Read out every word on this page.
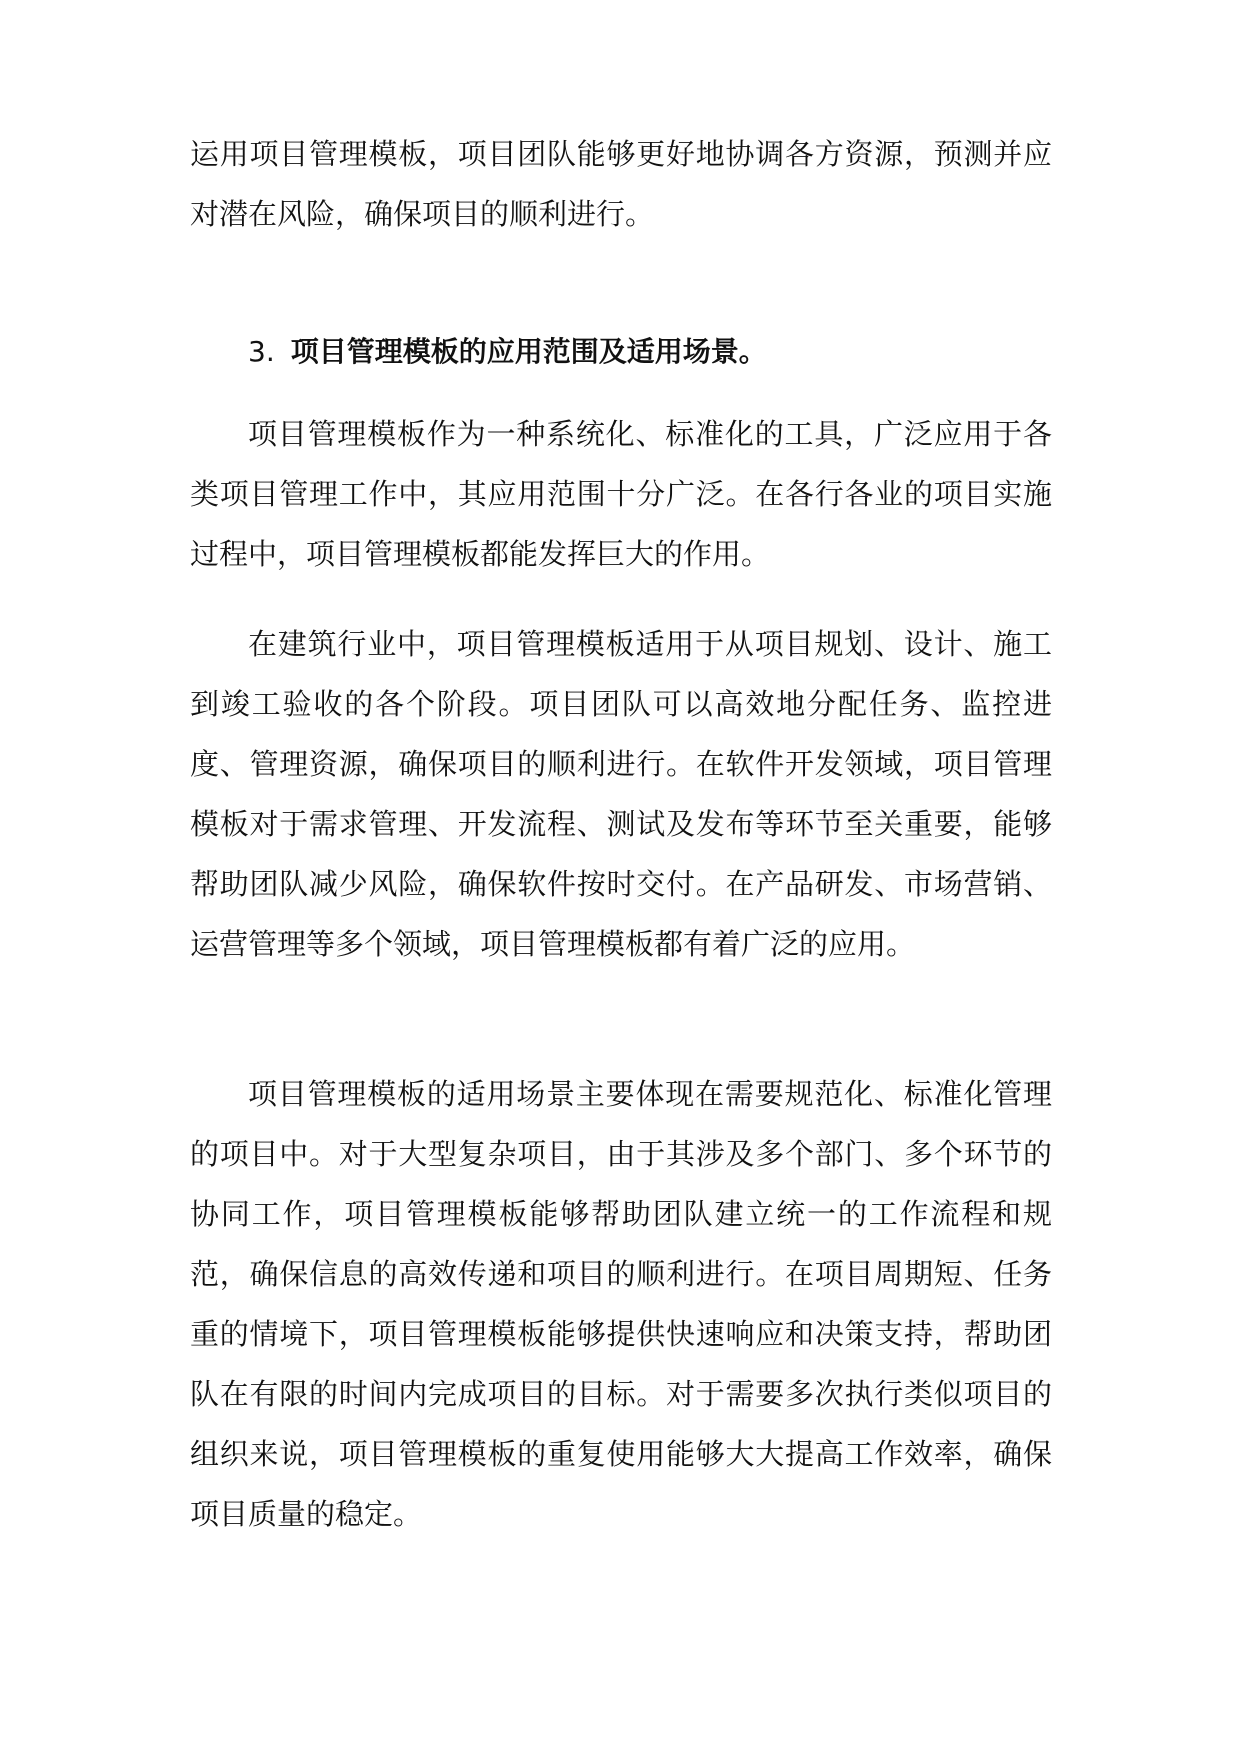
运用项目管理模板，项目团队能够更好地协调各方资源，预测并应对潜在风险，确保项目的顺利进行。

3. 项目管理模板的应用范围及适用场景。

项目管理模板作为一种系统化、标准化的工具，广泛应用于各类项目管理工作中，其应用范围十分广泛。在各行各业的项目实施过程中，项目管理模板都能发挥巨大的作用。

在建筑行业中，项目管理模板适用于从项目规划、设计、施工到竣工验收的各个阶段。项目团队可以高效地分配任务、监控进度、管理资源，确保项目的顺利进行。在软件开发领域，项目管理模板对于需求管理、开发流程、测试及发布等环节至关重要，能够帮助团队减少风险，确保软件按时交付。在产品研发、市场营销、运营管理等多个领域，项目管理模板都有着广泛的应用。

项目管理模板的适用场景主要体现在需要规范化、标准化管理的项目中。对于大型复杂项目，由于其涉及多个部门、多个环节的协同工作，项目管理模板能够帮助团队建立统一的工作流程和规范，确保信息的高效传递和项目的顺利进行。在项目周期短、任务重的情境下，项目管理模板能够提供快速响应和决策支持，帮助团队在有限的时间内完成项目的目标。对于需要多次执行类似项目的组织来说，项目管理模板的重复使用能够大大提高工作效率，确保项目质量的稳定。
